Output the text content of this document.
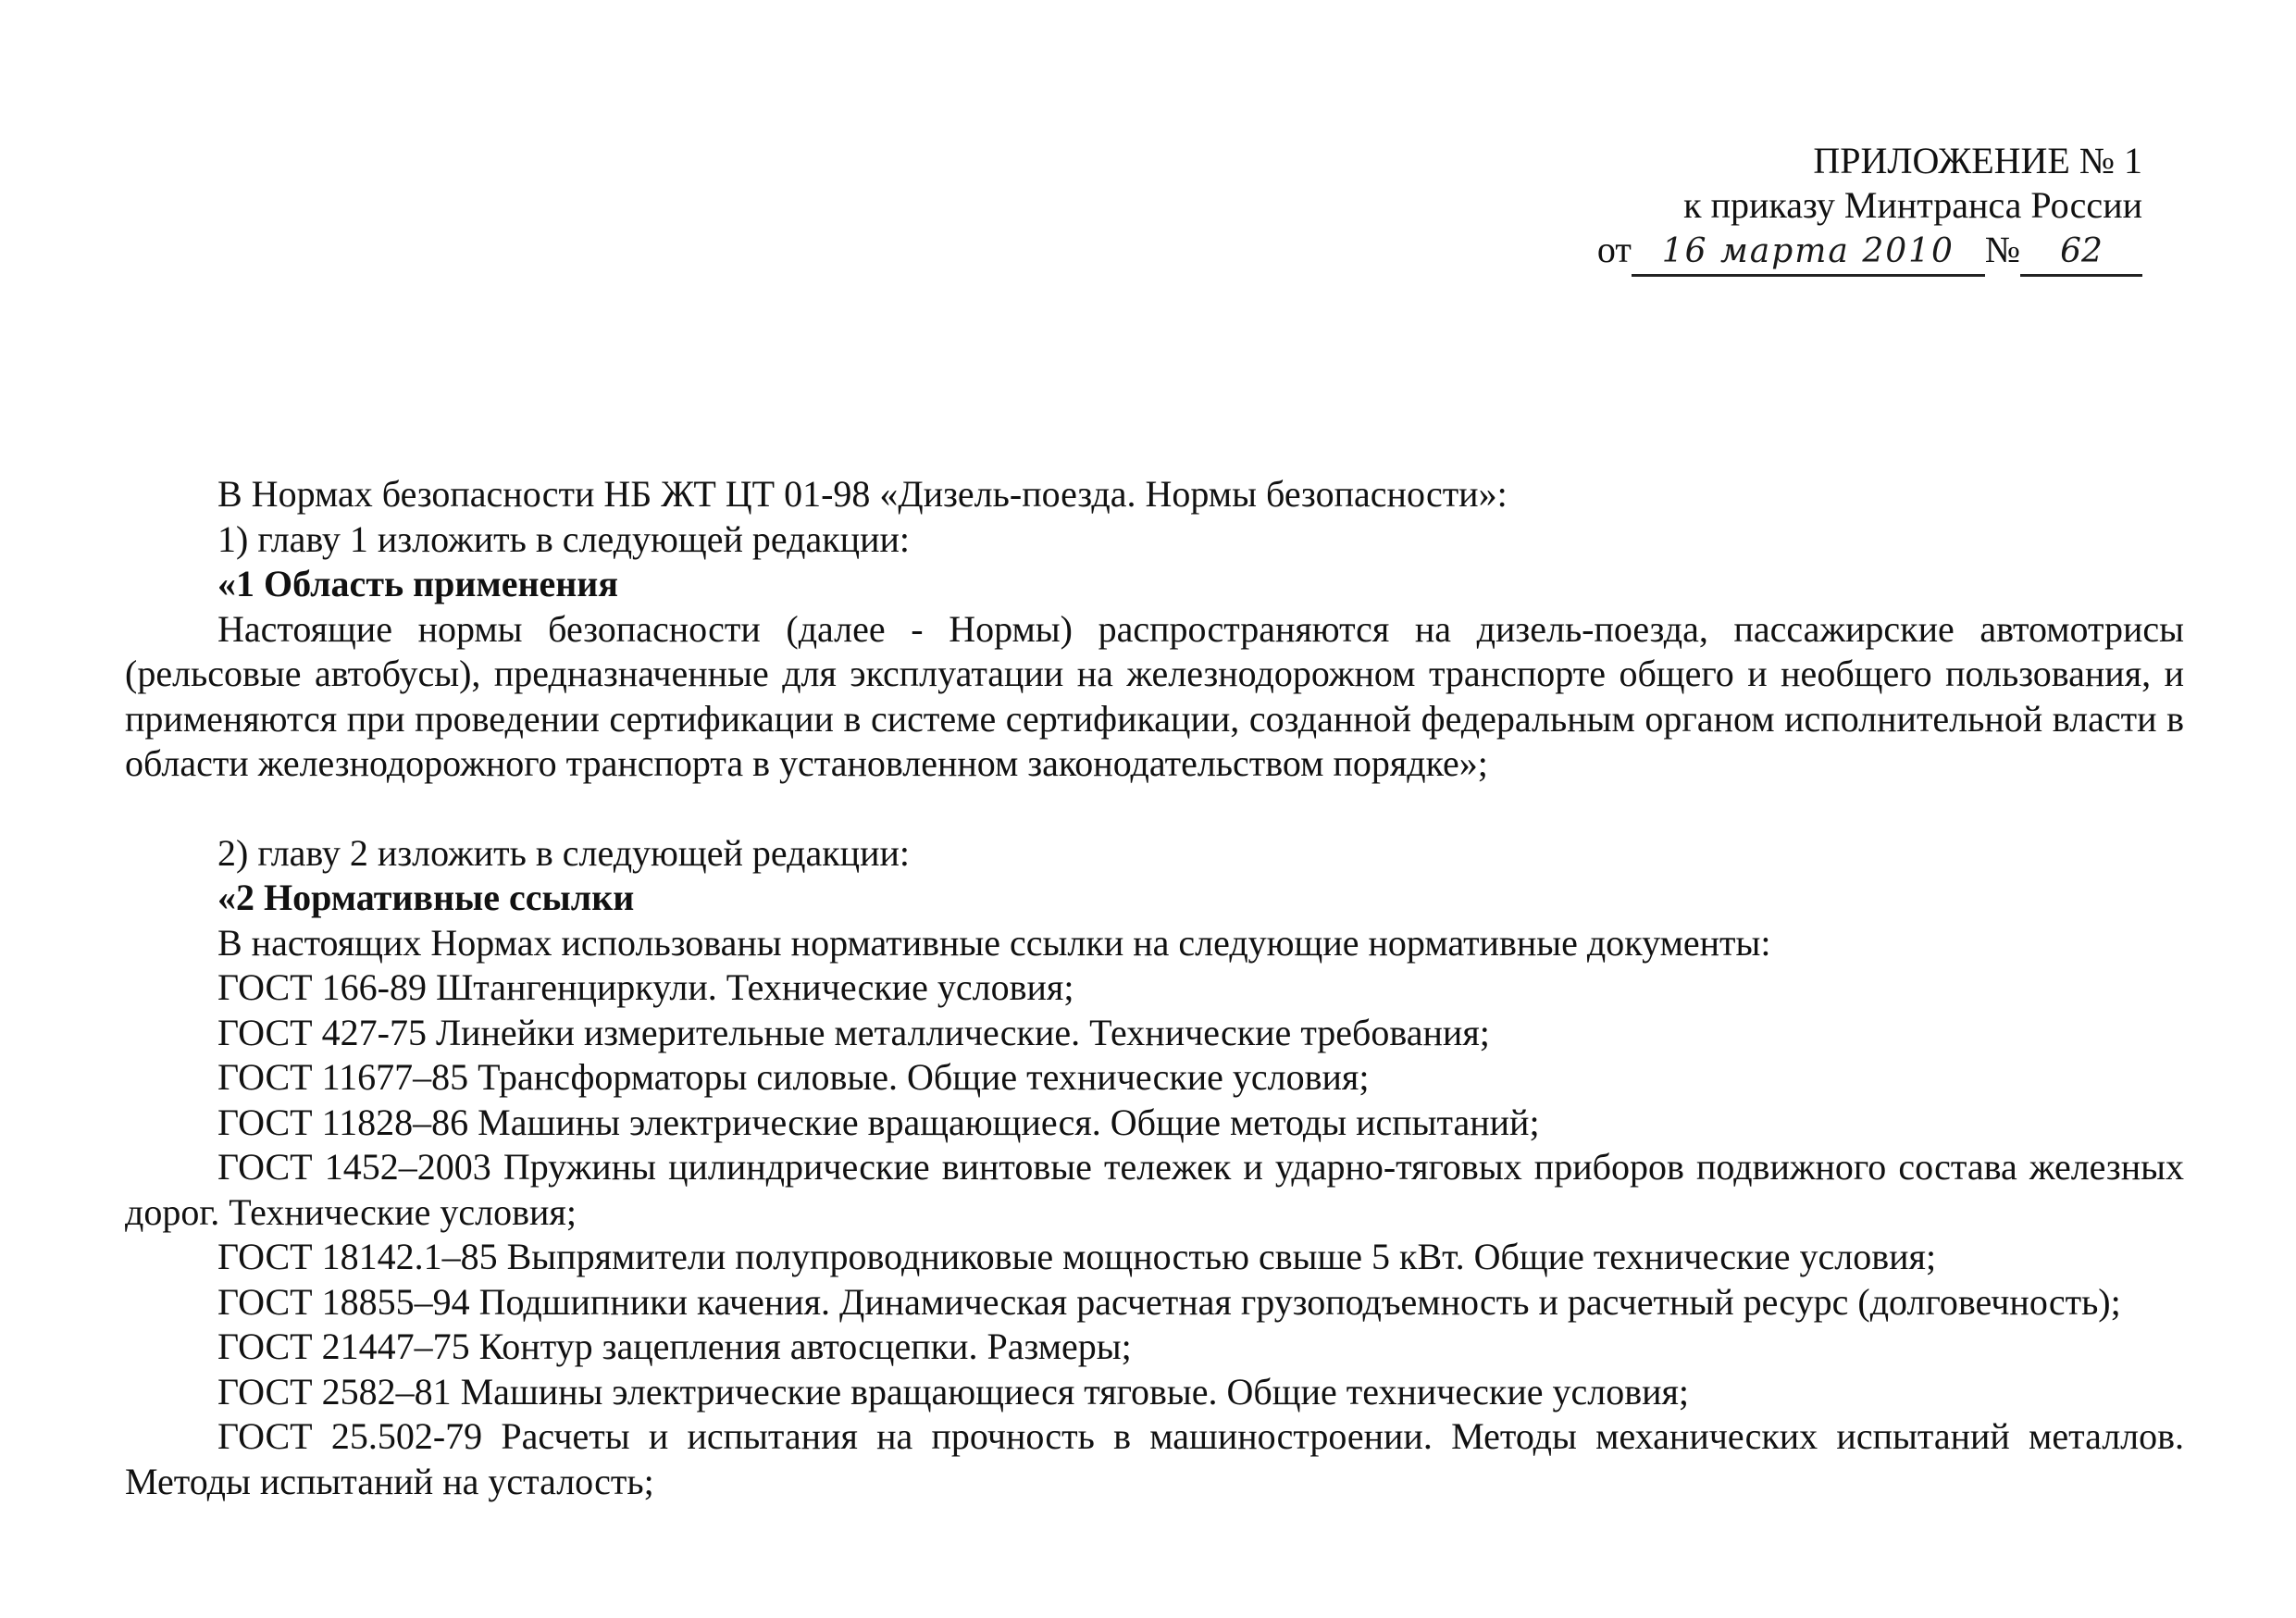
ПРИЛОЖЕНИЕ № 1
к приказу Минтранса России
от 16 марта 2010 № 62

В Нормах безопасности НБ ЖТ ЦТ 01-98 «Дизель-поезда. Нормы безопасности»:

1) главу 1 изложить в следующей редакции:

«1 Область применения

Настоящие нормы безопасности (далее - Нормы) распространяются на дизель-поезда, пассажирские автомотрисы (рельсовые автобусы), предназначенные для эксплуатации на железнодорожном транспорте общего и необщего пользования, и применяются при проведении сертификации в системе сертификации, созданной федеральным органом исполнительной власти в области железнодорожного транспорта в установленном законодательством порядке»;

2) главу 2 изложить в следующей редакции:

«2 Нормативные ссылки

В настоящих Нормах использованы нормативные ссылки на следующие нормативные документы:

ГОСТ 166-89 Штангенциркули. Технические условия;

ГОСТ 427-75 Линейки измерительные металлические. Технические требования;

ГОСТ 11677–85 Трансформаторы силовые. Общие технические условия;

ГОСТ 11828–86 Машины электрические вращающиеся. Общие методы испытаний;

ГОСТ 1452–2003 Пружины цилиндрические винтовые тележек и ударно-тяговых приборов подвижного состава железных дорог. Технические условия;

ГОСТ 18142.1–85 Выпрямители полупроводниковые мощностью свыше 5 кВт. Общие технические условия;

ГОСТ 18855–94 Подшипники качения. Динамическая расчетная грузоподъемность и расчетный ресурс (долговечность);

ГОСТ 21447–75 Контур зацепления автосцепки. Размеры;

ГОСТ 2582–81 Машины электрические вращающиеся тяговые. Общие технические условия;

ГОСТ 25.502-79 Расчеты и испытания на прочность в машиностроении. Методы механических испытаний металлов. Методы испытаний на усталость;
